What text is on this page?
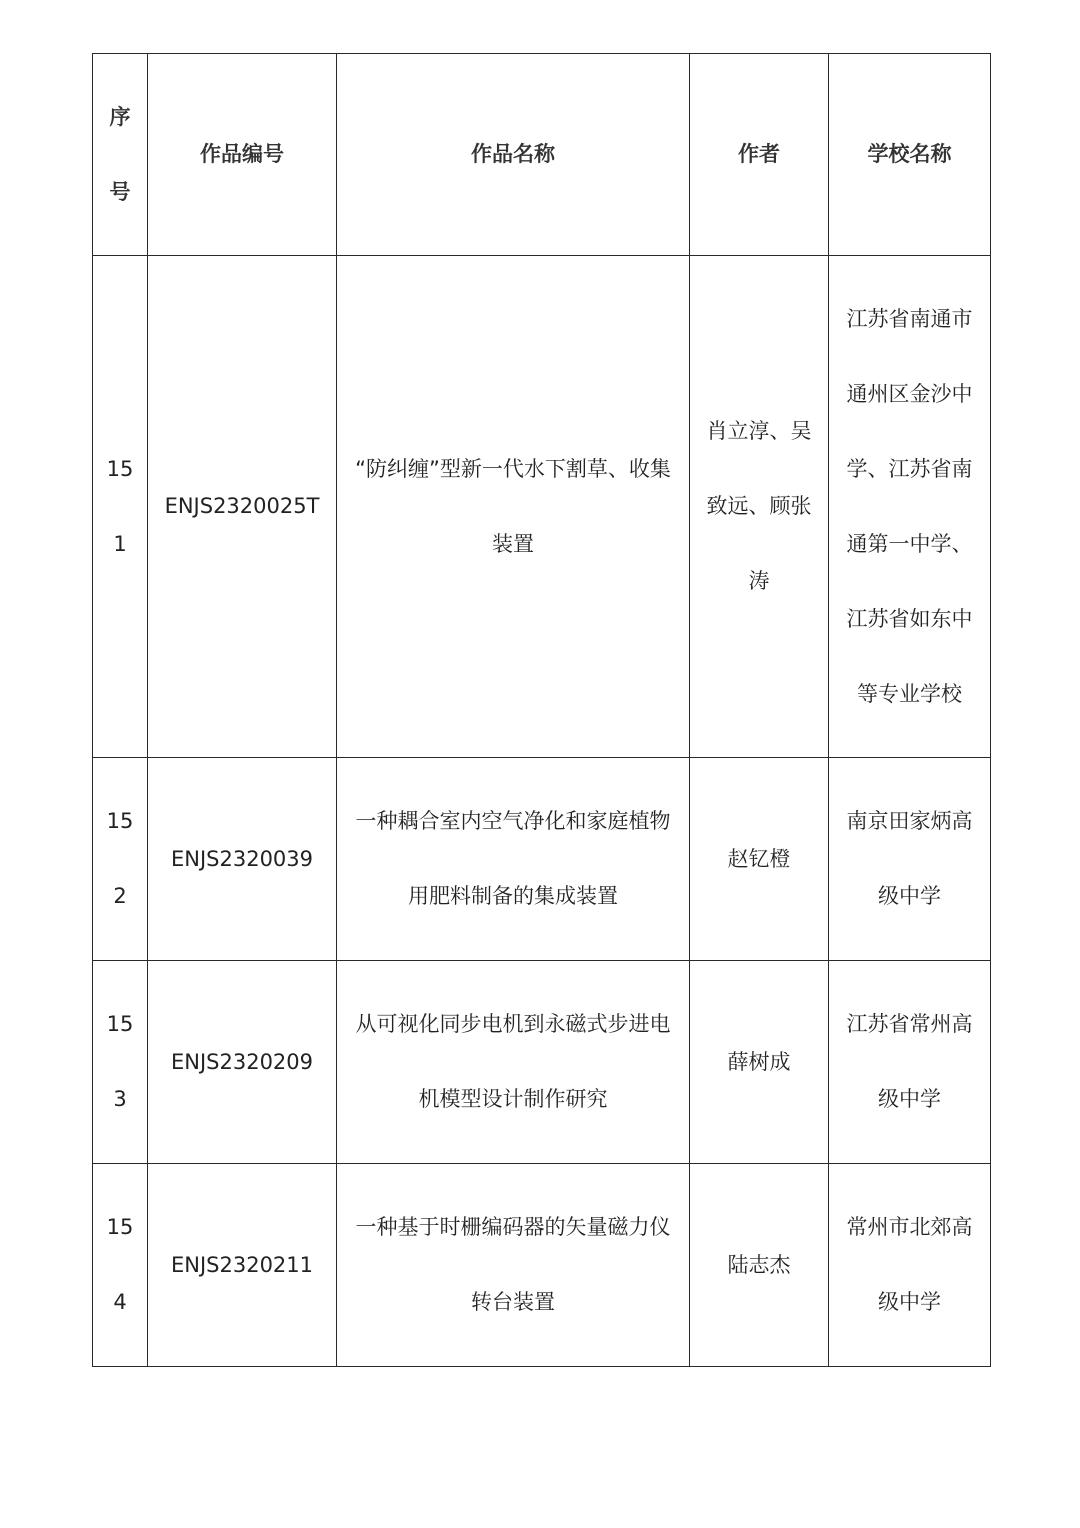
序
号	作品编号	作品名称	作者	学校名称
151	ENJS2320025T	“防纠缠”型新一代水下割草、收集装置	肖立淳、吴致远、顾张涛	江苏省南通市通州区金沙中学、江苏省南通第一中学、江苏省如东中等专业学校
152	ENJS2320039	一种耦合室内空气净化和家庭植物用肥料制备的集成装置	赵钇橙	南京田家炳高级中学
153	ENJS2320209	从可视化同步电机到永磁式步进电机模型设计制作研究	薛树成	江苏省常州高级中学
154	ENJS2320211	一种基于时栅编码器的矢量磁力仪转台装置	陆志杰	常州市北郊高级中学
